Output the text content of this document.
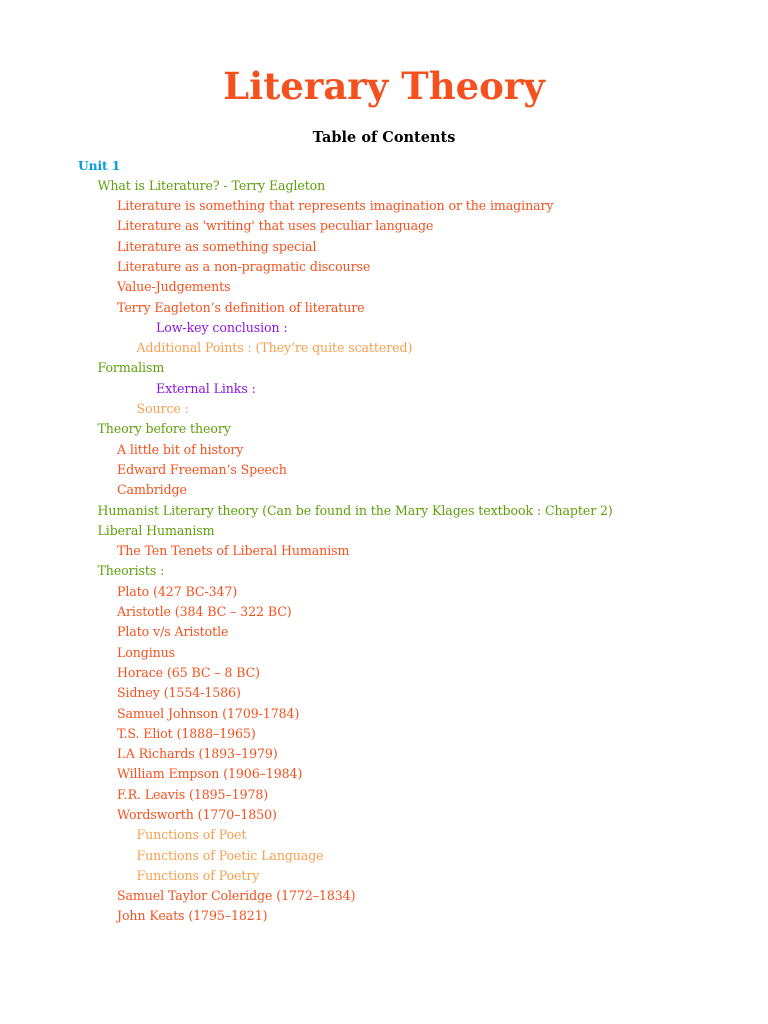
Literary Theory
Table of Contents
Unit 1
What is Literature? - Terry Eagleton
Literature is something that represents imagination or the imaginary
Literature as 'writing' that uses peculiar language
Literature as something special
Literature as a non-pragmatic discourse
Value-Judgements
Terry Eagleton’s definition of literature
Low-key conclusion :
Additional Points : (They’re quite scattered)
Formalism
External Links :
Source :
Theory before theory
A little bit of history
Edward Freeman’s Speech
Cambridge
Humanist Literary theory (Can be found in the Mary Klages textbook : Chapter 2)
Liberal Humanism
The Ten Tenets of Liberal Humanism
Theorists :
Plato (427 BC-347)
Aristotle (384 BC – 322 BC)
Plato v/s Aristotle
Longinus
Horace (65 BC – 8 BC)
Sidney (1554-1586)
Samuel Johnson (1709-1784)
T.S. Eliot (1888–1965)
I.A Richards (1893–1979)
William Empson (1906–1984)
F.R. Leavis (1895–1978)
Wordsworth (1770–1850)
Functions of Poet
Functions of Poetic Language
Functions of Poetry
Samuel Taylor Coleridge (1772–1834)
John Keats (1795–1821)
